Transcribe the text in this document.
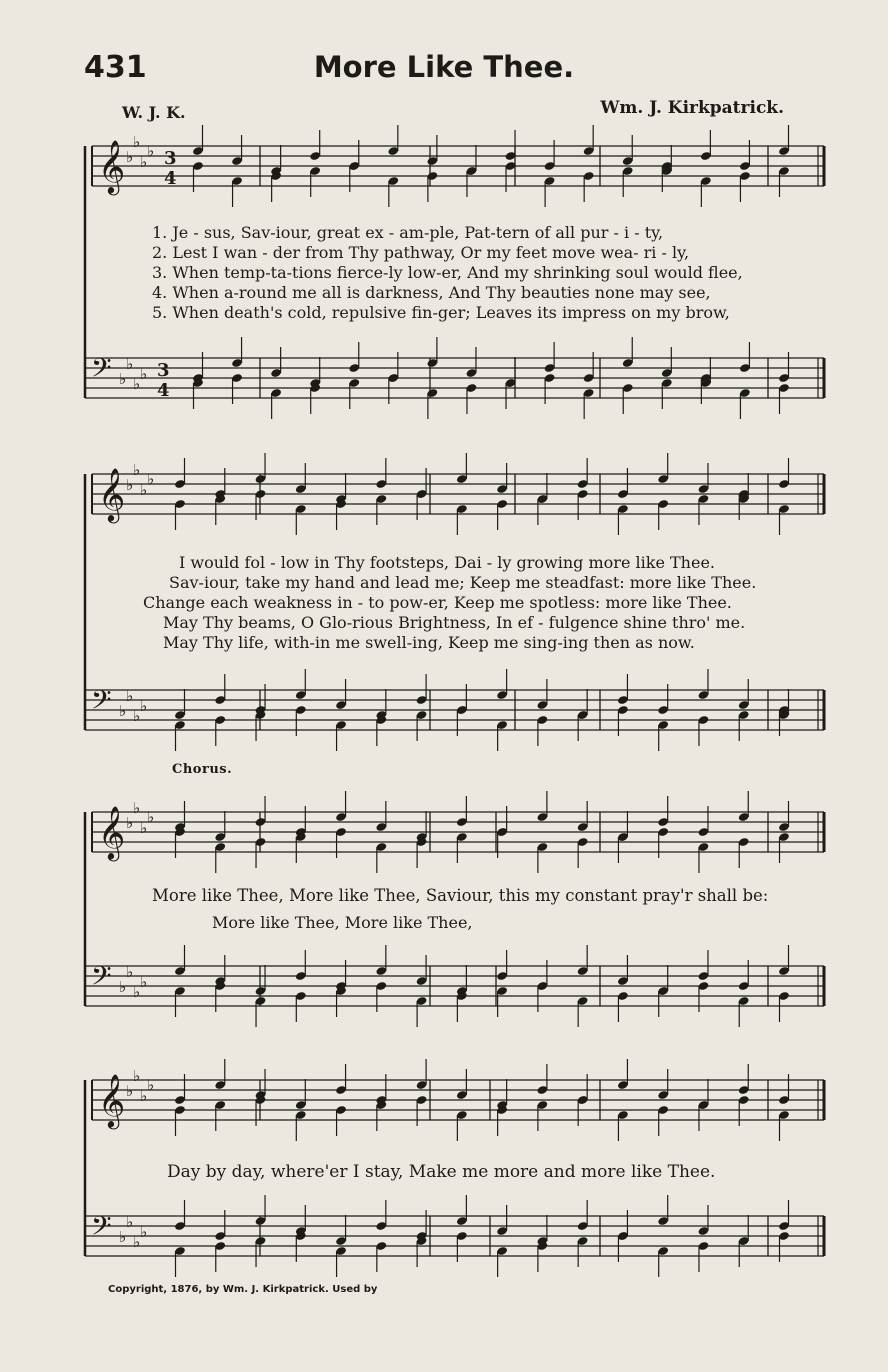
431	More Like Thee.
W. J. K.	Wm. J. Kirkpatrick.
𝄞 ♭
♭
♭
♭ 3
4
𝄢 ♭
♭
♭
♭ 3
4
𝄞 ♭
♭
♭
♭
𝄢 ♭
♭
♭
♭
𝄞 ♭
♭
♭
♭
𝄢 ♭
♭
♭
♭
𝄞 ♭
♭
♭
♭
𝄢 ♭
♭
♭
♭
1. Je - sus, Sav-iour, great ex - am-ple, Pat-tern of all pur - i - ty,
2. Lest I wan - der from Thy pathway, Or my feet move wea- ri - ly,
3. When temp-ta-tions fierce-ly low-er, And my shrinking soul would flee,
4. When a-round me all is darkness, And Thy beauties none may see,
5. When death's cold, repulsive fin-ger; Leaves its impress on my brow,
I would fol - low in Thy footsteps, Dai - ly growing more like Thee.
Sav-iour, take my hand and lead me; Keep me steadfast: more like Thee.
Change each weakness in - to pow-er, Keep me spotless: more like Thee.
May Thy beams, O Glo-rious Brightness, In ef - fulgence shine thro' me.
May Thy life, with-in me swell-ing, Keep me sing-ing then as now.
Chorus.
More like Thee, More like Thee, Saviour, this my constant pray'r shall be:
More like Thee, More like Thee,
Day by day, where'er I stay, Make me more and more like Thee.
Copyright, 1876, by Wm. J. Kirkpatrick. Used by
